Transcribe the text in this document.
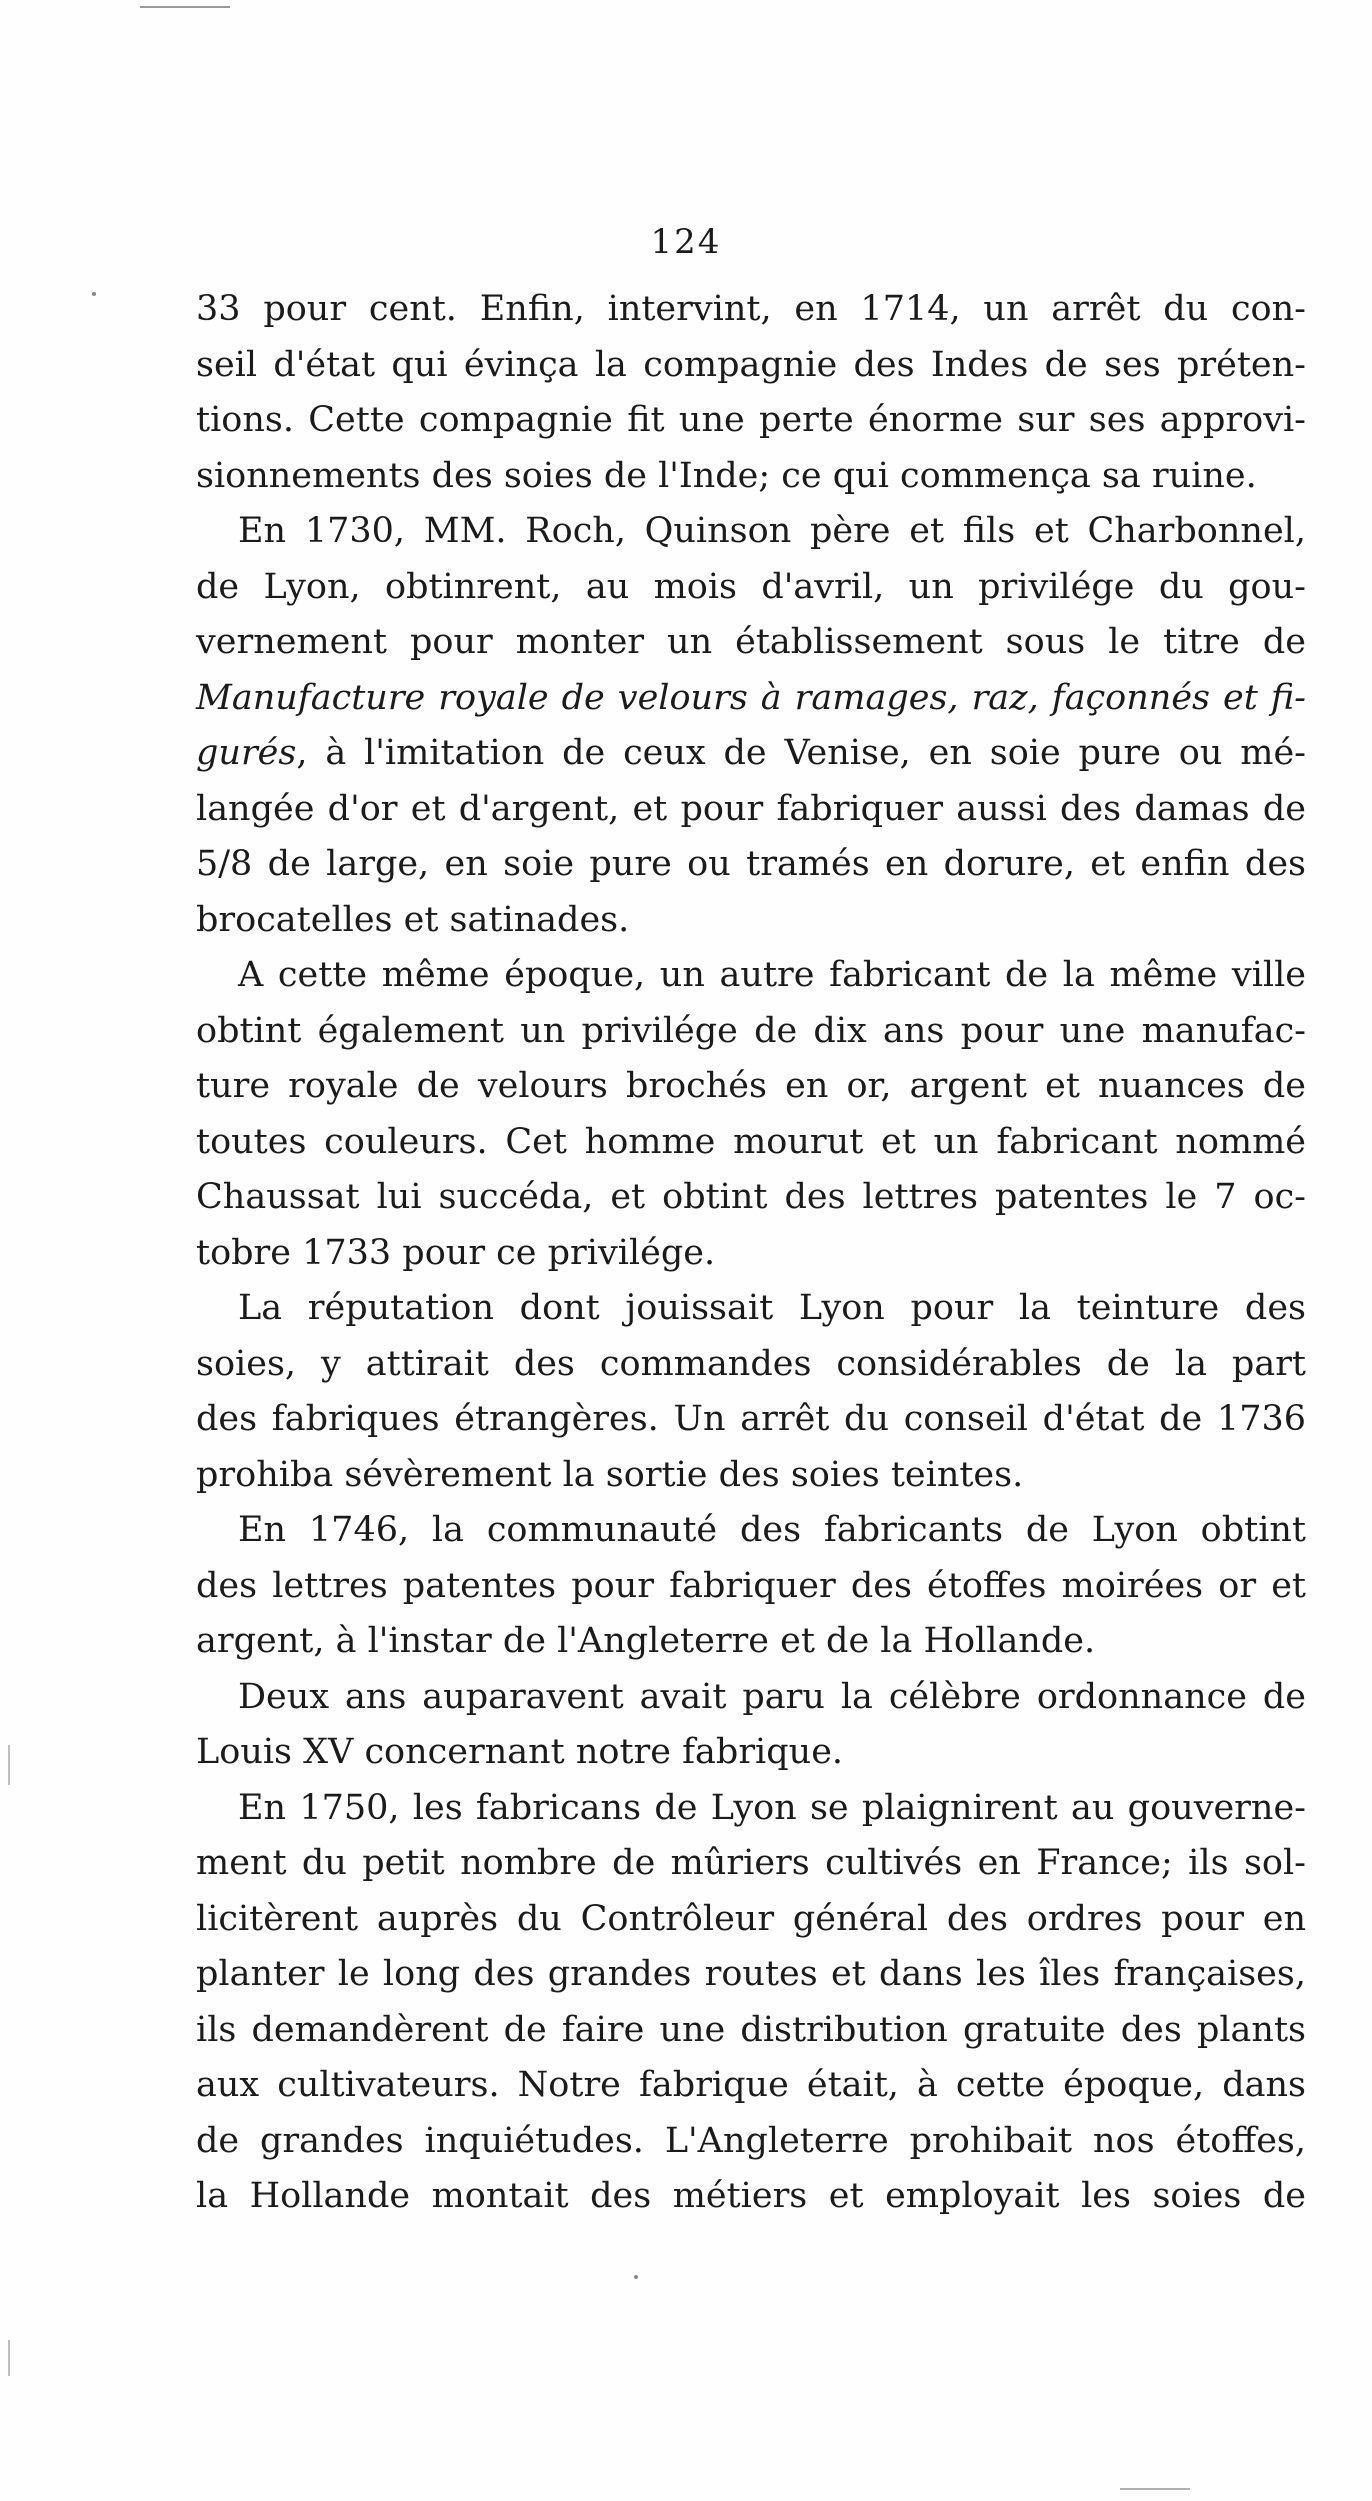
124
33 pour cent. Enfin, intervint, en 1714, un arrêt du con-
seil d'état qui évinça la compagnie des Indes de ses préten-
tions. Cette compagnie fit une perte énorme sur ses approvi-
sionnements des soies de l'Inde; ce qui commença sa ruine.
En 1730, MM. Roch, Quinson père et fils et Charbonnel,
de Lyon, obtinrent, au mois d'avril, un privilége du gou-
vernement pour monter un établissement sous le titre de
Manufacture royale de velours à ramages, raz, façonnés et fi-
gurés, à l'imitation de ceux de Venise, en soie pure ou mé-
langée d'or et d'argent, et pour fabriquer aussi des damas de
5/8 de large, en soie pure ou tramés en dorure, et enfin des
brocatelles et satinades.
A cette même époque, un autre fabricant de la même ville
obtint également un privilége de dix ans pour une manufac-
ture royale de velours brochés en or, argent et nuances de
toutes couleurs. Cet homme mourut et un fabricant nommé
Chaussat lui succéda, et obtint des lettres patentes le 7 oc-
tobre 1733 pour ce privilége.
La réputation dont jouissait Lyon pour la teinture des
soies, y attirait des commandes considérables de la part
des fabriques étrangères. Un arrêt du conseil d'état de 1736
prohiba sévèrement la sortie des soies teintes.
En 1746, la communauté des fabricants de Lyon obtint
des lettres patentes pour fabriquer des étoffes moirées or et
argent, à l'instar de l'Angleterre et de la Hollande.
Deux ans auparavent avait paru la célèbre ordonnance de
Louis XV concernant notre fabrique.
En 1750, les fabricans de Lyon se plaignirent au gouverne-
ment du petit nombre de mûriers cultivés en France; ils sol-
licitèrent auprès du Contrôleur général des ordres pour en
planter le long des grandes routes et dans les îles françaises,
ils demandèrent de faire une distribution gratuite des plants
aux cultivateurs. Notre fabrique était, à cette époque, dans
de grandes inquiétudes. L'Angleterre prohibait nos étoffes,
la Hollande montait des métiers et employait les soies de
